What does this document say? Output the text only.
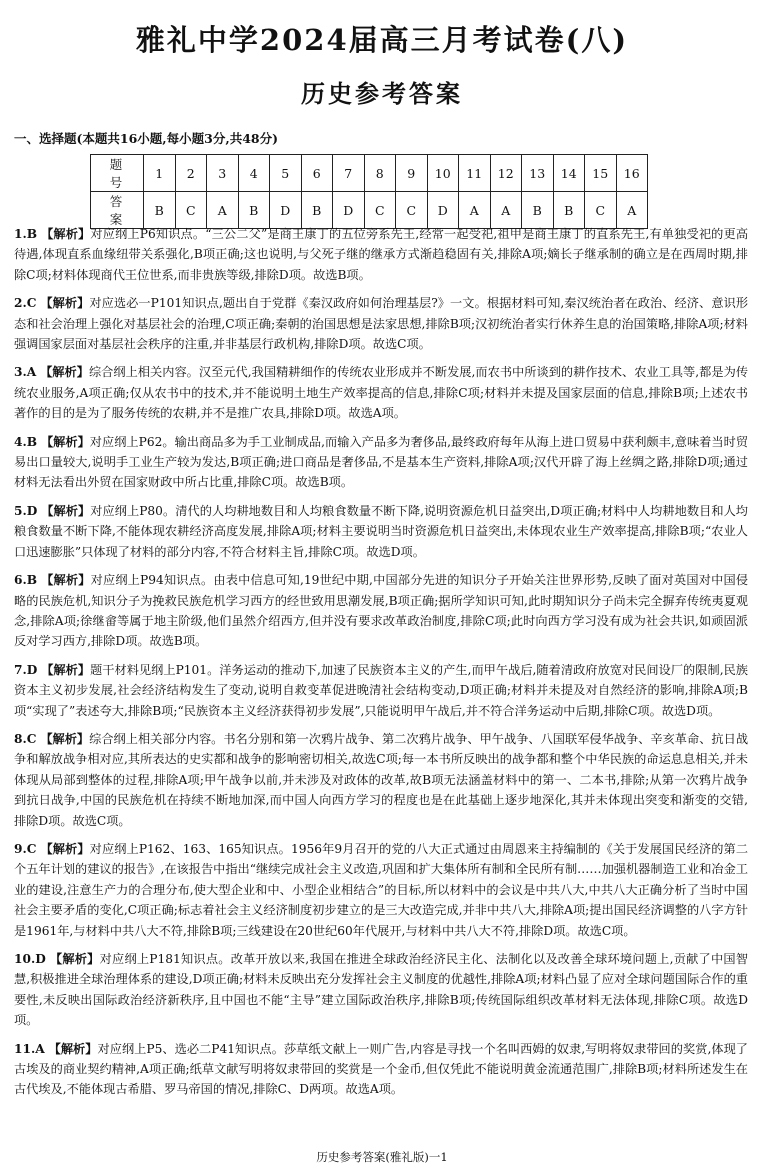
雅礼中学2024届高三月考试卷(八)
历史参考答案
一、选择题(本题共16小题,每小题3分,共48分)
题 号	1	2	3	4	5	6	7	8	9	10	11	12	13	14	15	16
答 案	B	C	A	B	D	B	D	C	C	D	A	A	B	B	C	A
1.B 【解析】对应纲上P6知识点。“三公二父”是商王康丁的五位旁系先王,经常一起受祀,祖甲是商王康丁的直系先王,有单独受祀的更高待遇,体现直系血缘纽带关系强化,B项正确;这也说明,与父死子继的继承方式渐趋稳固有关,排除A项;嫡长子继承制的确立是在西周时期,排除C项;材料体现商代王位世系,而非贵族等级,排除D项。故选B项。
2.C 【解析】对应选必一P101知识点,题出自于党群《秦汉政府如何治理基层?》一文。根据材料可知,秦汉统治者在政治、经济、意识形态和社会治理上强化对基层社会的治理,C项正确;秦朝的治国思想是法家思想,排除B项;汉初统治者实行休养生息的治国策略,排除A项;材料强调国家层面对基层社会秩序的注重,并非基层行政机构,排除D项。故选C项。
3.A 【解析】综合纲上相关内容。汉至元代,我国精耕细作的传统农业形成并不断发展,而农书中所谈到的耕作技术、农业工具等,都是为传统农业服务,A项正确;仅从农书中的技术,并不能说明土地生产效率提高的信息,排除C项;材料并未提及国家层面的信息,排除B项;上述农书著作的目的是为了服务传统的农耕,并不是推广农具,排除D项。故选A项。
4.B 【解析】对应纲上P62。输出商品多为手工业制成品,而输入产品多为奢侈品,最终政府每年从海上进口贸易中获利颇丰,意味着当时贸易出口量较大,说明手工业生产较为发达,B项正确;进口商品是奢侈品,不是基本生产资料,排除A项;汉代开辟了海上丝绸之路,排除D项;通过材料无法看出外贸在国家财政中所占比重,排除C项。故选B项。
5.D 【解析】对应纲上P80。清代的人均耕地数目和人均粮食数量不断下降,说明资源危机日益突出,D项正确;材料中人均耕地数目和人均粮食数量不断下降,不能体现农耕经济高度发展,排除A项;材料主要说明当时资源危机日益突出,未体现农业生产效率提高,排除B项;“农业人口迅速膨胀”只体现了材料的部分内容,不符合材料主旨,排除C项。故选D项。
6.B 【解析】对应纲上P94知识点。由表中信息可知,19世纪中期,中国部分先进的知识分子开始关注世界形势,反映了面对英国对中国侵略的民族危机,知识分子为挽救民族危机学习西方的经世致用思潮发展,B项正确;据所学知识可知,此时期知识分子尚未完全摒弃传统夷夏观念,排除A项;徐继畲等属于地主阶级,他们虽然介绍西方,但并没有要求改革政治制度,排除C项;此时向西方学习没有成为社会共识,如顽固派反对学习西方,排除D项。故选B项。
7.D 【解析】题干材料见纲上P101。洋务运动的推动下,加速了民族资本主义的产生,而甲午战后,随着清政府放宽对民间设厂的限制,民族资本主义初步发展,社会经济结构发生了变动,说明自救变革促进晚清社会结构变动,D项正确;材料并未提及对自然经济的影响,排除A项;B项“实现了”表述夸大,排除B项;“民族资本主义经济获得初步发展”,只能说明甲午战后,并不符合洋务运动中后期,排除C项。故选D项。
8.C 【解析】综合纲上相关部分内容。书名分别和第一次鸦片战争、第二次鸦片战争、甲午战争、八国联军侵华战争、辛亥革命、抗日战争和解放战争相对应,其所表达的史实都和战争的影响密切相关,故选C项;每一本书所反映出的战争都和整个中华民族的命运息息相关,并未体现从局部到整体的过程,排除A项;甲午战争以前,并未涉及对政体的改革,故B项无法涵盖材料中的第一、二本书,排除;从第一次鸦片战争到抗日战争,中国的民族危机在持续不断地加深,而中国人向西方学习的程度也是在此基础上逐步地深化,其并未体现出突变和渐变的交错,排除D项。故选C项。
9.C 【解析】对应纲上P162、163、165知识点。1956年9月召开的党的八大正式通过由周恩来主持编制的《关于发展国民经济的第二个五年计划的建议的报告》,在该报告中指出“继续完成社会主义改造,巩固和扩大集体所有制和全民所有制……加强机器制造工业和冶金工业的建设,注意生产力的合理分布,使大型企业和中、小型企业相结合”的目标,所以材料中的会议是中共八大,中共八大正确分析了当时中国社会主要矛盾的变化,C项正确;标志着社会主义经济制度初步建立的是三大改造完成,并非中共八大,排除A项;提出国民经济调整的八字方针是1961年,与材料中共八大不符,排除B项;三线建设在20世纪60年代展开,与材料中共八大不符,排除D项。故选C项。
10.D 【解析】对应纲上P181知识点。改革开放以来,我国在推进全球政治经济民主化、法制化以及改善全球环境问题上,贡献了中国智慧,积极推进全球治理体系的建设,D项正确;材料未反映出充分发挥社会主义制度的优越性,排除A项;材料凸显了应对全球问题国际合作的重要性,未反映出国际政治经济新秩序,且中国也不能“主导”建立国际政治秩序,排除B项;传统国际组织改革材料无法体现,排除C项。故选D项。
11.A 【解析】对应纲上P5、选必二P41知识点。莎草纸文献上一则广告,内容是寻找一个名叫西姆的奴隶,写明将奴隶带回的奖赏,体现了古埃及的商业契约精神,A项正确;纸草文献写明将奴隶带回的奖赏是一个金币,但仅凭此不能说明黄金流通范围广,排除B项;材料所述发生在古代埃及,不能体现古希腊、罗马帝国的情况,排除C、D两项。故选A项。
历史参考答案(雅礼版)一1
